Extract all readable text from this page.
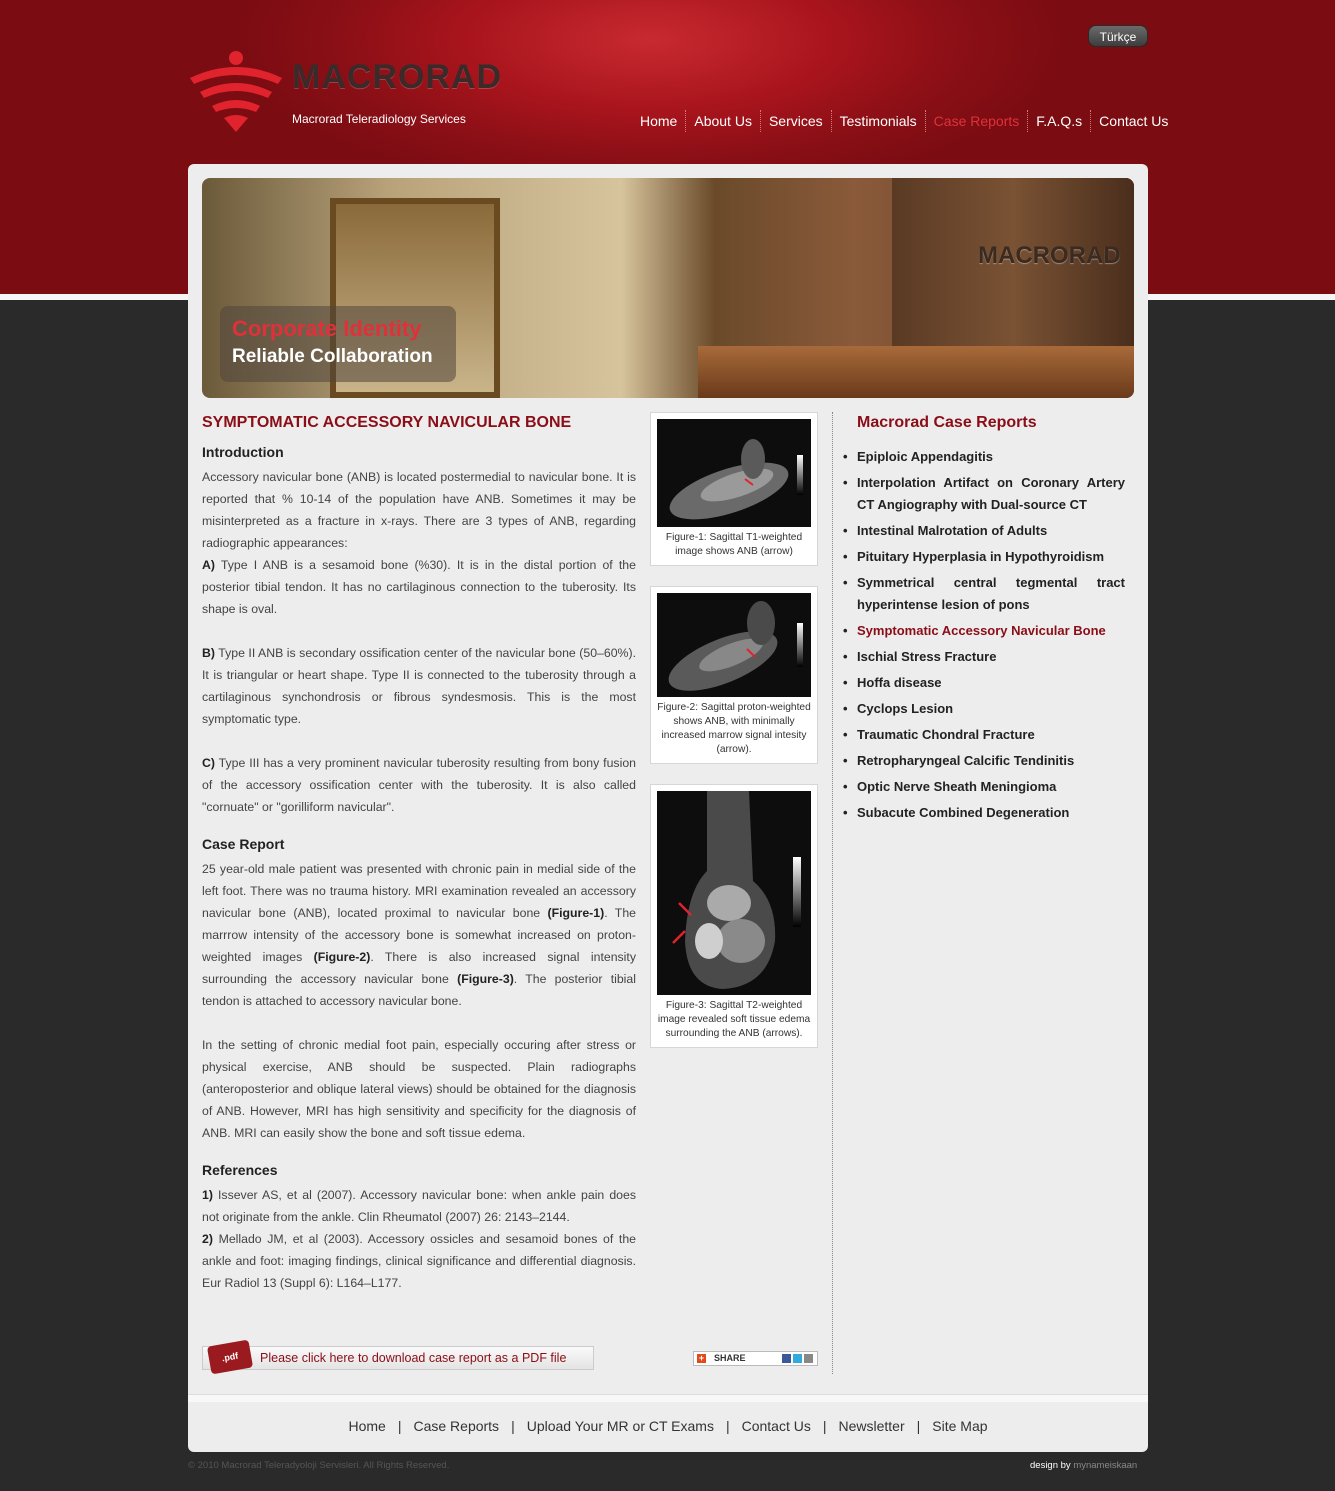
Türkçe
MACRORAD
Macrorad Teleradiology Services	Home	About Us	Services	Testimonials	Case Reports	F.A.Q.s	Contact Us
MACRORAD
Corporate Identity
Reliable Collaboration
SYMPTOMATIC ACCESSORY NAVICULAR BONE
Introduction
Accessory navicular bone (ANB) is located postermedial to navicular bone. It is reported that % 10-14 of the population have ANB. Sometimes it may be misinterpreted as a fracture in x-rays. There are 3 types of ANB, regarding radiographic appearances:
A) Type I ANB is a sesamoid bone (%30). It is in the distal portion of the posterior tibial tendon. It has no cartilaginous connection to the tuberosity. Its shape is oval.
B) Type II ANB is secondary ossification center of the navicular bone (50–60%). It is triangular or heart shape. Type II is connected to the tuberosity through a cartilaginous synchondrosis or fibrous syndesmosis. This is the most symptomatic type.
C) Type III has a very prominent navicular tuberosity resulting from bony fusion of the accessory ossification center with the tuberosity. It is also called "cornuate" or "gorilliform navicular".
Case Report
25 year-old male patient was presented with chronic pain in medial side of the left foot. There was no trauma history. MRI examination revealed an accessory navicular bone (ANB), located proximal to navicular bone (Figure-1). The marrrow intensity of the accessory bone is somewhat increased on proton-weighted images (Figure-2). There is also increased signal intensity surrounding the accessory navicular bone (Figure-3). The posterior tibial tendon is attached to accessory navicular bone.
In the setting of chronic medial foot pain, especially occuring after stress or physical exercise, ANB should be suspected. Plain radiographs (anteroposterior and oblique lateral views) should be obtained for the diagnosis of ANB. However, MRI has high sensitivity and specificity for the diagnosis of ANB. MRI can easily show the bone and soft tissue edema.
References
1) Issever AS, et al (2007). Accessory navicular bone: when ankle pain does not originate from the ankle. Clin Rheumatol (2007) 26: 2143–2144.
2) Mellado JM, et al (2003). Accessory ossicles and sesamoid bones of the ankle and foot: imaging findings, clinical significance and differential diagnosis. Eur Radiol 13 (Suppl 6): L164–L177.
Figure-1: Sagittal T1-weighted image shows ANB (arrow)
Figure-2: Sagittal proton-weighted shows ANB, with minimally increased marrow signal intesity (arrow).
Figure-3: Sagittal T2-weighted image revealed soft tissue edema surrounding the ANB (arrows).
Macrorad Case Reports
• Epiploic Appendagitis
• Interpolation Artifact on Coronary Artery CT Angiography with Dual-source CT
• Intestinal Malrotation of Adults
• Pituitary Hyperplasia in Hypothyroidism
• Symmetrical central tegmental tract hyperintense lesion of pons
• Symptomatic Accessory Navicular Bone
• Ischial Stress Fracture
• Hoffa disease
• Cyclops Lesion
• Traumatic Chondral Fracture
• Retropharyngeal Calcific Tendinitis
• Optic Nerve Sheath Meningioma
• Subacute Combined Degeneration
.pdf	Please click here to download case report as a PDF file	+ SHARE
Home | Case Reports | Upload Your MR or CT Exams | Contact Us | Newsletter | Site Map
© 2010 Macrorad Teleradyoloji Servisleri. All Rights Reserved.	design by mynameiskaan
